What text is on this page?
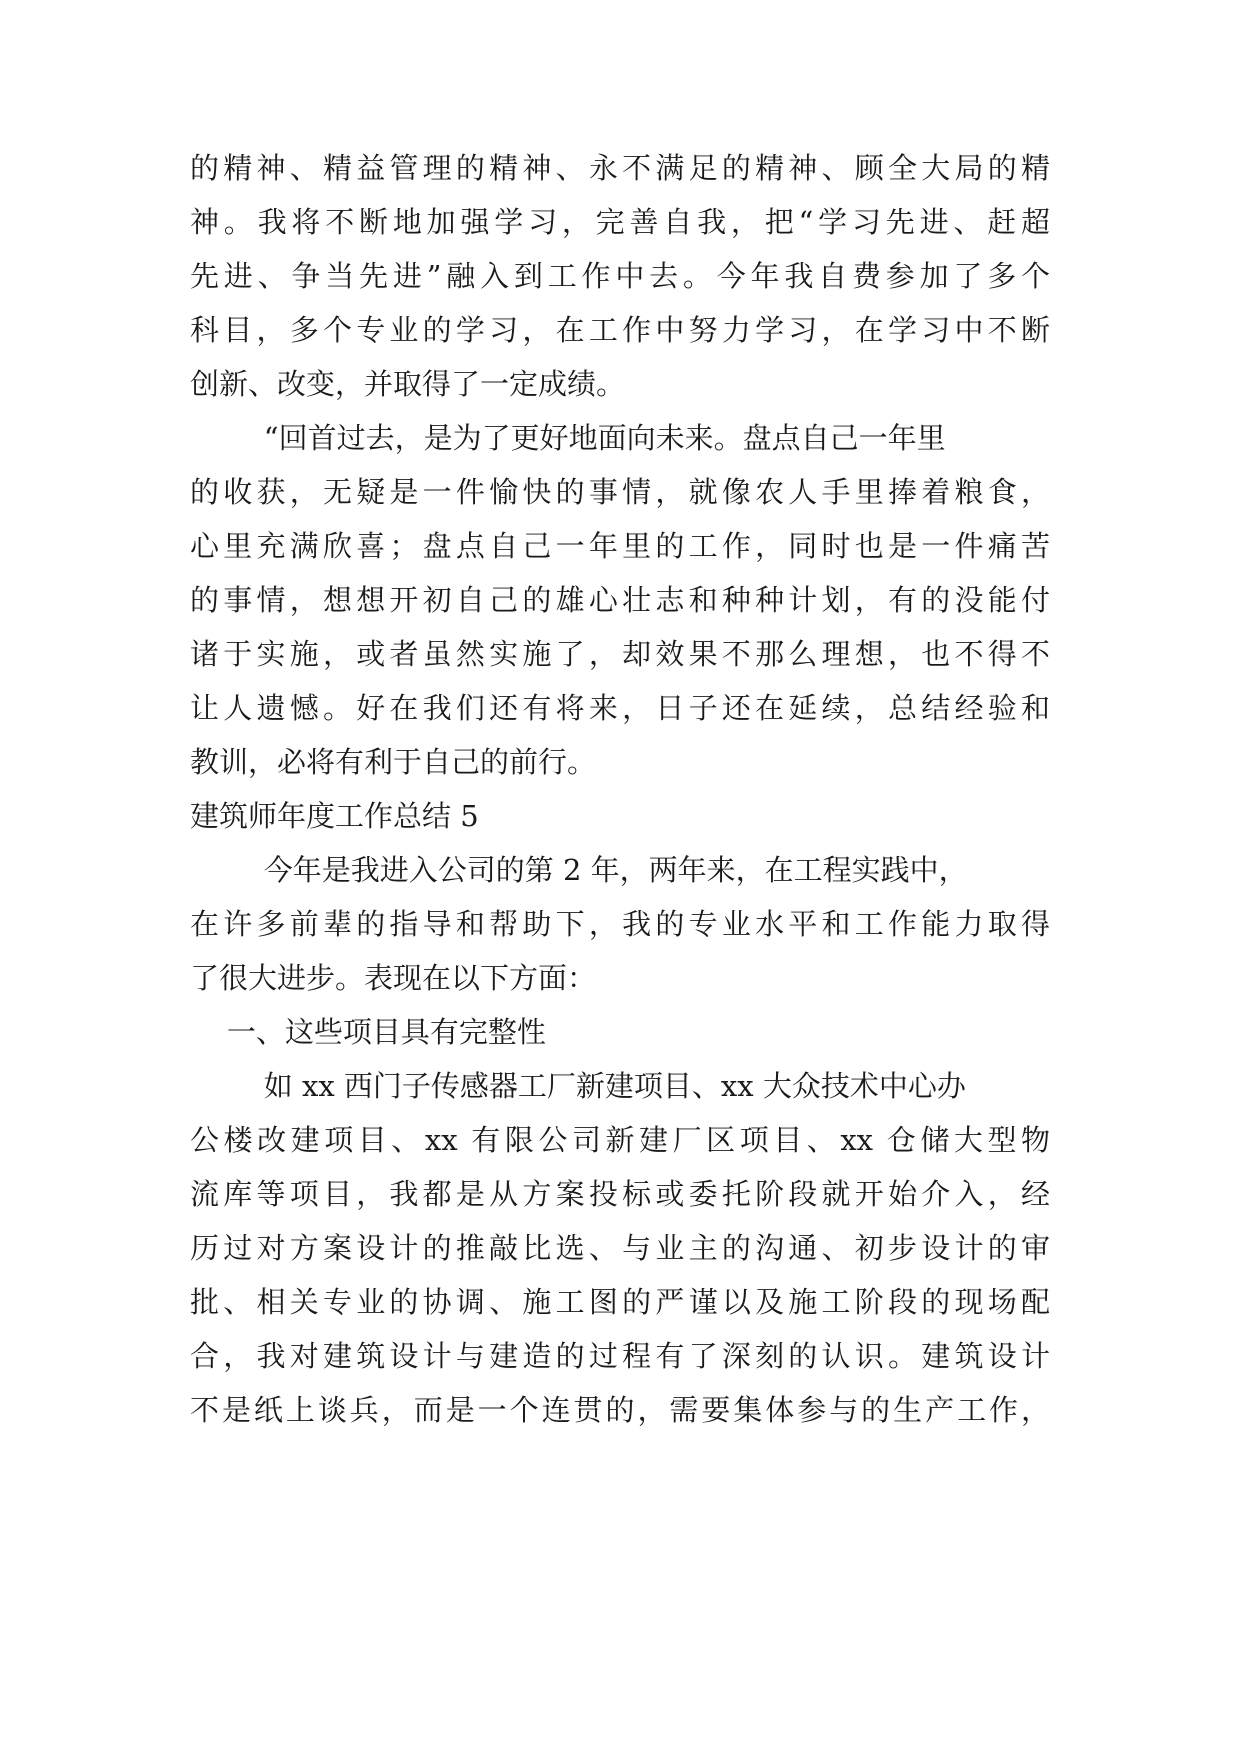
的精神、精益管理的精神、永不满足的精神、顾全大局的精
神。我将不断地加强学习，完善自我，把“学习先进、赶超
先进、争当先进”融入到工作中去。今年我自费参加了多个
科目，多个专业的学习，在工作中努力学习，在学习中不断
创新、改变，并取得了一定成绩。
“回首过去，是为了更好地面向未来。盘点自己一年里
的收获，无疑是一件愉快的事情，就像农人手里捧着粮食，
心里充满欣喜；盘点自己一年里的工作，同时也是一件痛苦
的事情，想想开初自己的雄心壮志和种种计划，有的没能付
诸于实施，或者虽然实施了，却效果不那么理想，也不得不
让人遗憾。好在我们还有将来，日子还在延续，总结经验和
教训，必将有利于自己的前行。
建筑师年度工作总结 5
今年是我进入公司的第 2 年，两年来，在工程实践中，
在许多前辈的指导和帮助下，我的专业水平和工作能力取得
了很大进步。表现在以下方面：
一、这些项目具有完整性
如 xx 西门子传感器工厂新建项目、xx 大众技术中心办
公楼改建项目、xx 有限公司新建厂区项目、xx 仓储大型物
流库等项目，我都是从方案投标或委托阶段就开始介入，经
历过对方案设计的推敲比选、与业主的沟通、初步设计的审
批、相关专业的协调、施工图的严谨以及施工阶段的现场配
合，我对建筑设计与建造的过程有了深刻的认识。建筑设计
不是纸上谈兵，而是一个连贯的，需要集体参与的生产工作，
